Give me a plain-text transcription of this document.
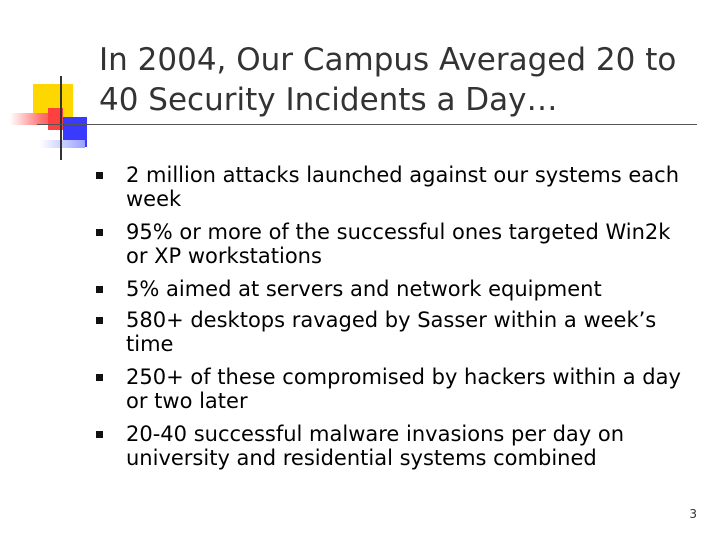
In 2004, Our Campus Averaged 20 to
40 Security Incidents a Day…
2 million attacks launched against our systems each week
95% or more of the successful ones targeted Win2k or XP workstations
5% aimed at servers and network equipment
580+ desktops ravaged by Sasser within a week’s time
250+ of these compromised by hackers within a day or two later
20-40 successful malware invasions per day on university and residential systems combined
3
